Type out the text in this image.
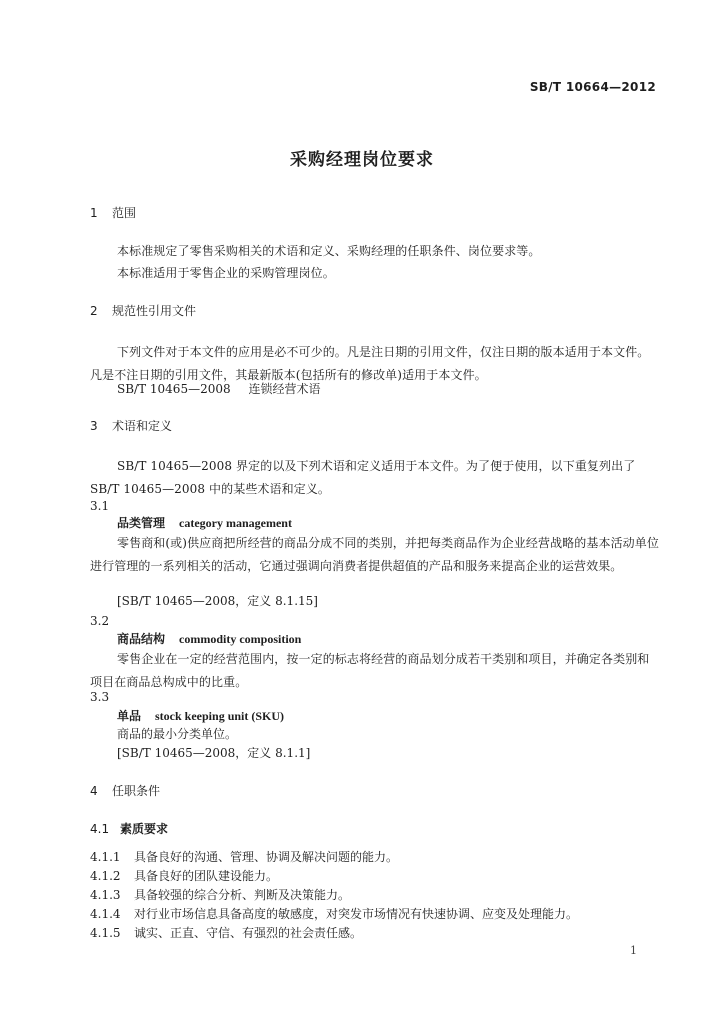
SB/T 10664—2012
采购经理岗位要求
1 范围
本标准规定了零售采购相关的术语和定义、采购经理的任职条件、岗位要求等。
本标准适用于零售企业的采购管理岗位。
2 规范性引用文件
下列文件对于本文件的应用是必不可少的。凡是注日期的引用文件，仅注日期的版本适用于本文件。凡是不注日期的引用文件，其最新版本(包括所有的修改单)适用于本文件。
SB/T 10465—2008 连锁经营术语
3 术语和定义
SB/T 10465—2008 界定的以及下列术语和定义适用于本文件。为了便于使用，以下重复列出了SB/T 10465—2008 中的某些术语和定义。
3.1
品类管理 category management
零售商和(或)供应商把所经营的商品分成不同的类别，并把每类商品作为企业经营战略的基本活动单位进行管理的一系列相关的活动，它通过强调向消费者提供超值的产品和服务来提高企业的运营效果。
[SB/T 10465—2008，定义 8.1.15]
3.2
商品结构 commodity composition
零售企业在一定的经营范围内，按一定的标志将经营的商品划分成若干类别和项目，并确定各类别和项目在商品总构成中的比重。
3.3
单品 stock keeping unit (SKU)
商品的最小分类单位。
[SB/T 10465—2008，定义 8.1.1]
4 任职条件
4.1 素质要求
4.1.1 具备良好的沟通、管理、协调及解决问题的能力。
4.1.2 具备良好的团队建设能力。
4.1.3 具备较强的综合分析、判断及决策能力。
4.1.4 对行业市场信息具备高度的敏感度，对突发市场情况有快速协调、应变及处理能力。
4.1.5 诚实、正直、守信、有强烈的社会责任感。
1
